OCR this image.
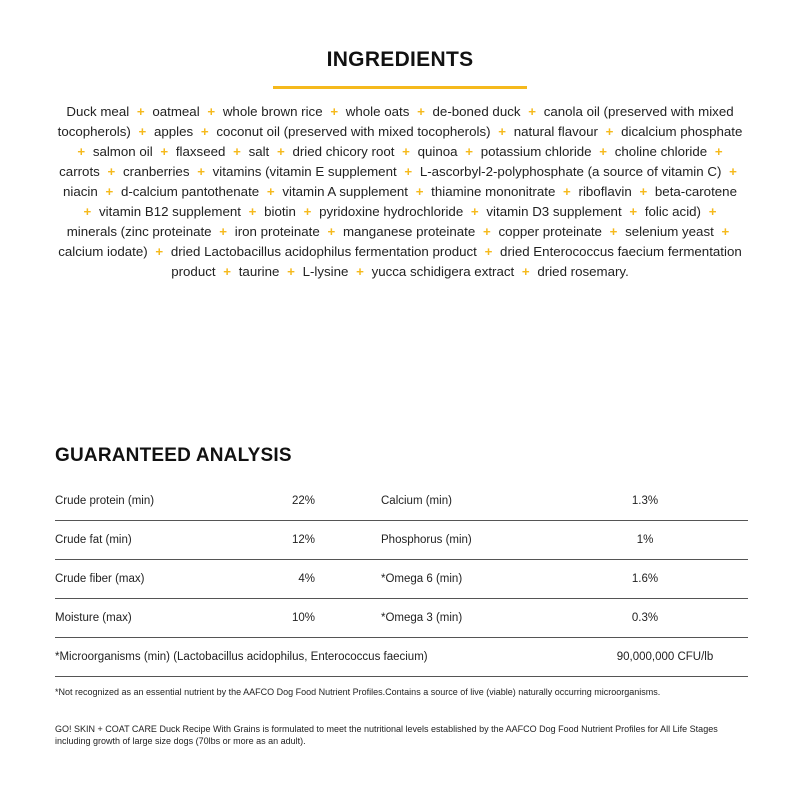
INGREDIENTS
Duck meal + oatmeal + whole brown rice + whole oats + de-boned duck + canola oil (preserved with mixed tocopherols) + apples + coconut oil (preserved with mixed tocopherols) + natural flavour + dicalcium phosphate + salmon oil + flaxseed + salt + dried chicory root + quinoa + potassium chloride + choline chloride + carrots + cranberries + vitamins (vitamin E supplement + L-ascorbyl-2-polyphosphate (a source of vitamin C) + niacin + d-calcium pantothenate + vitamin A supplement + thiamine mononitrate + riboflavin + beta-carotene + vitamin B12 supplement + biotin + pyridoxine hydrochloride + vitamin D3 supplement + folic acid) + minerals (zinc proteinate + iron proteinate + manganese proteinate + copper proteinate + selenium yeast + calcium iodate) + dried Lactobacillus acidophilus fermentation product + dried Enterococcus faecium fermentation product + taurine + L-lysine + yucca schidigera extract + dried rosemary.
GUARANTEED ANALYSIS
Crude protein (min)	22%	Calcium (min)	1.3%
Crude fat (min)	12%	Phosphorus (min)	1%
Crude fiber (max)	4%	*Omega 6 (min)	1.6%
Moisture (max)	10%	*Omega 3 (min)	0.3%
*Microorganisms (min) (Lactobacillus acidophilus, Enterococcus faecium)	90,000,000 CFU/lb
*Not recognized as an essential nutrient by the AAFCO Dog Food Nutrient Profiles.Contains a source of live (viable) naturally occurring microorganisms.
GO! SKIN + COAT CARE Duck Recipe With Grains is formulated to meet the nutritional levels established by the AAFCO Dog Food Nutrient Profiles for All Life Stages including growth of large size dogs (70lbs or more as an adult).
